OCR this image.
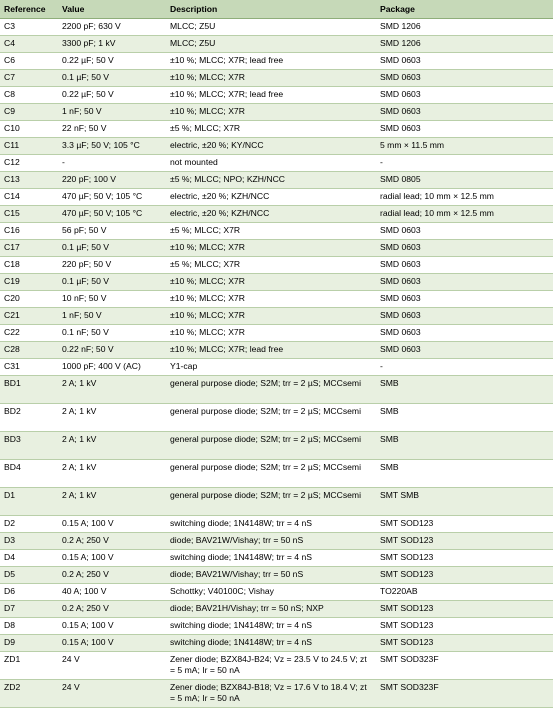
Reference	Value	Description	Package
C3	2200 pF; 630 V	MLCC; Z5U	SMD 1206
C4	3300 pF; 1 kV	MLCC; Z5U	SMD 1206
C6	0.22 µF; 50 V	±10 %; MLCC; X7R; lead free	SMD 0603
C7	0.1 µF; 50 V	±10 %; MLCC; X7R	SMD 0603
C8	0.22 µF; 50 V	±10 %; MLCC; X7R; lead free	SMD 0603
C9	1 nF; 50 V	±10 %; MLCC; X7R	SMD 0603
C10	22 nF; 50 V	±5 %; MLCC; X7R	SMD 0603
C11	3.3 µF; 50 V; 105 °C	electric, ±20 %; KY/NCC	5 mm × 11.5 mm
C12	-	not mounted	-
C13	220 pF; 100 V	±5 %; MLCC; NPO; KZH/NCC	SMD 0805
C14	470 µF; 50 V; 105 °C	electric, ±20 %; KZH/NCC	radial lead; 10 mm × 12.5 mm
C15	470 µF; 50 V; 105 °C	electric, ±20 %; KZH/NCC	radial lead; 10 mm × 12.5 mm
C16	56 pF; 50 V	±5 %; MLCC; X7R	SMD 0603
C17	0.1 µF; 50 V	±10 %; MLCC; X7R	SMD 0603
C18	220 pF; 50 V	±5 %; MLCC; X7R	SMD 0603
C19	0.1 µF; 50 V	±10 %; MLCC; X7R	SMD 0603
C20	10 nF; 50 V	±10 %; MLCC; X7R	SMD 0603
C21	1 nF; 50 V	±10 %; MLCC; X7R	SMD 0603
C22	0.1 nF; 50 V	±10 %; MLCC; X7R	SMD 0603
C28	0.22 nF; 50 V	±10 %; MLCC; X7R; lead free	SMD 0603
C31	1000 pF; 400 V (AC)	Y1-cap	-
BD1	2 A; 1 kV	general purpose diode; S2M; trr = 2 µS; MCCsemi	SMB
BD2	2 A; 1 kV	general purpose diode; S2M; trr = 2 µS; MCCsemi	SMB
BD3	2 A; 1 kV	general purpose diode; S2M; trr = 2 µS; MCCsemi	SMB
BD4	2 A; 1 kV	general purpose diode; S2M; trr = 2 µS; MCCsemi	SMB
D1	2 A; 1 kV	general purpose diode; S2M; trr = 2 µS; MCCsemi	SMT SMB
D2	0.15 A; 100 V	switching diode; 1N4148W; trr = 4 nS	SMT SOD123
D3	0.2 A; 250 V	diode; BAV21W/Vishay; trr = 50 nS	SMT SOD123
D4	0.15 A; 100 V	switching diode; 1N4148W; trr = 4 nS	SMT SOD123
D5	0.2 A; 250 V	diode; BAV21W/Vishay; trr = 50 nS	SMT SOD123
D6	40 A; 100 V	Schottky; V40100C; Vishay	TO220AB
D7	0.2 A; 250 V	diode; BAV21H/Vishay; trr = 50 nS; NXP	SMT SOD123
D8	0.15 A; 100 V	switching diode; 1N4148W; trr = 4 nS	SMT SOD123
D9	0.15 A; 100 V	switching diode; 1N4148W; trr = 4 nS	SMT SOD123
ZD1	24 V	Zener diode; BZX84J-B24; Vz = 23.5 V to 24.5 V; zt = 5 mA; Ir = 50 nA	SMT SOD323F
ZD2	24 V	Zener diode; BZX84J-B18; Vz = 17.6 V to 18.4 V; zt = 5 mA; Ir = 50 nA	SMT SOD323F
